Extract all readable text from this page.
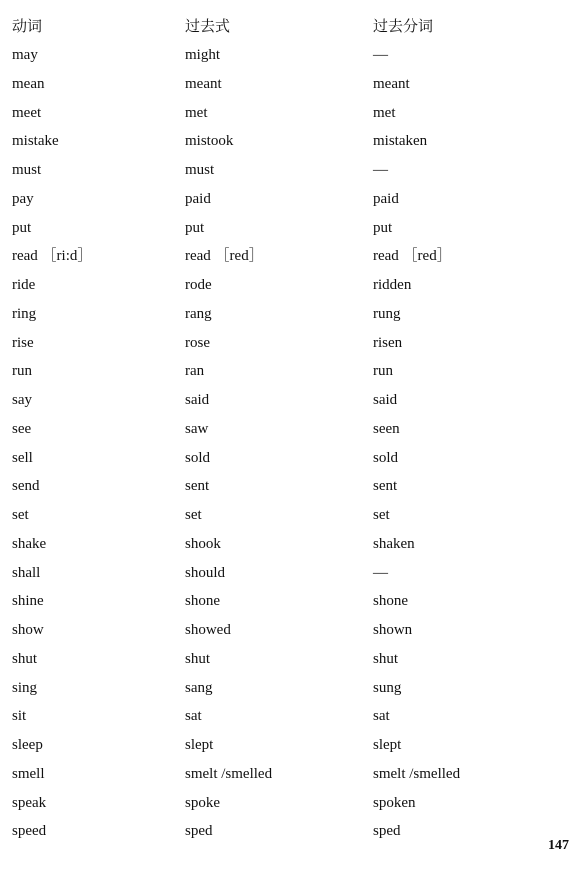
动词	过去式	过去分词
may	might	—
mean	meant	meant
meet	met	met
mistake	mistook	mistaken
must	must	—
pay	paid	paid
put	put	put
read ［ri:d］	read ［red］	read ［red］
ride	rode	ridden
ring	rang	rung
rise	rose	risen
run	ran	run
say	said	said
see	saw	seen
sell	sold	sold
send	sent	sent
set	set	set
shake	shook	shaken
shall	should	—
shine	shone	shone
show	showed	shown
shut	shut	shut
sing	sang	sung
sit	sat	sat
sleep	slept	slept
smell	smelt /smelled	smelt /smelled
speak	spoke	spoken
speed	sped	sped
147
